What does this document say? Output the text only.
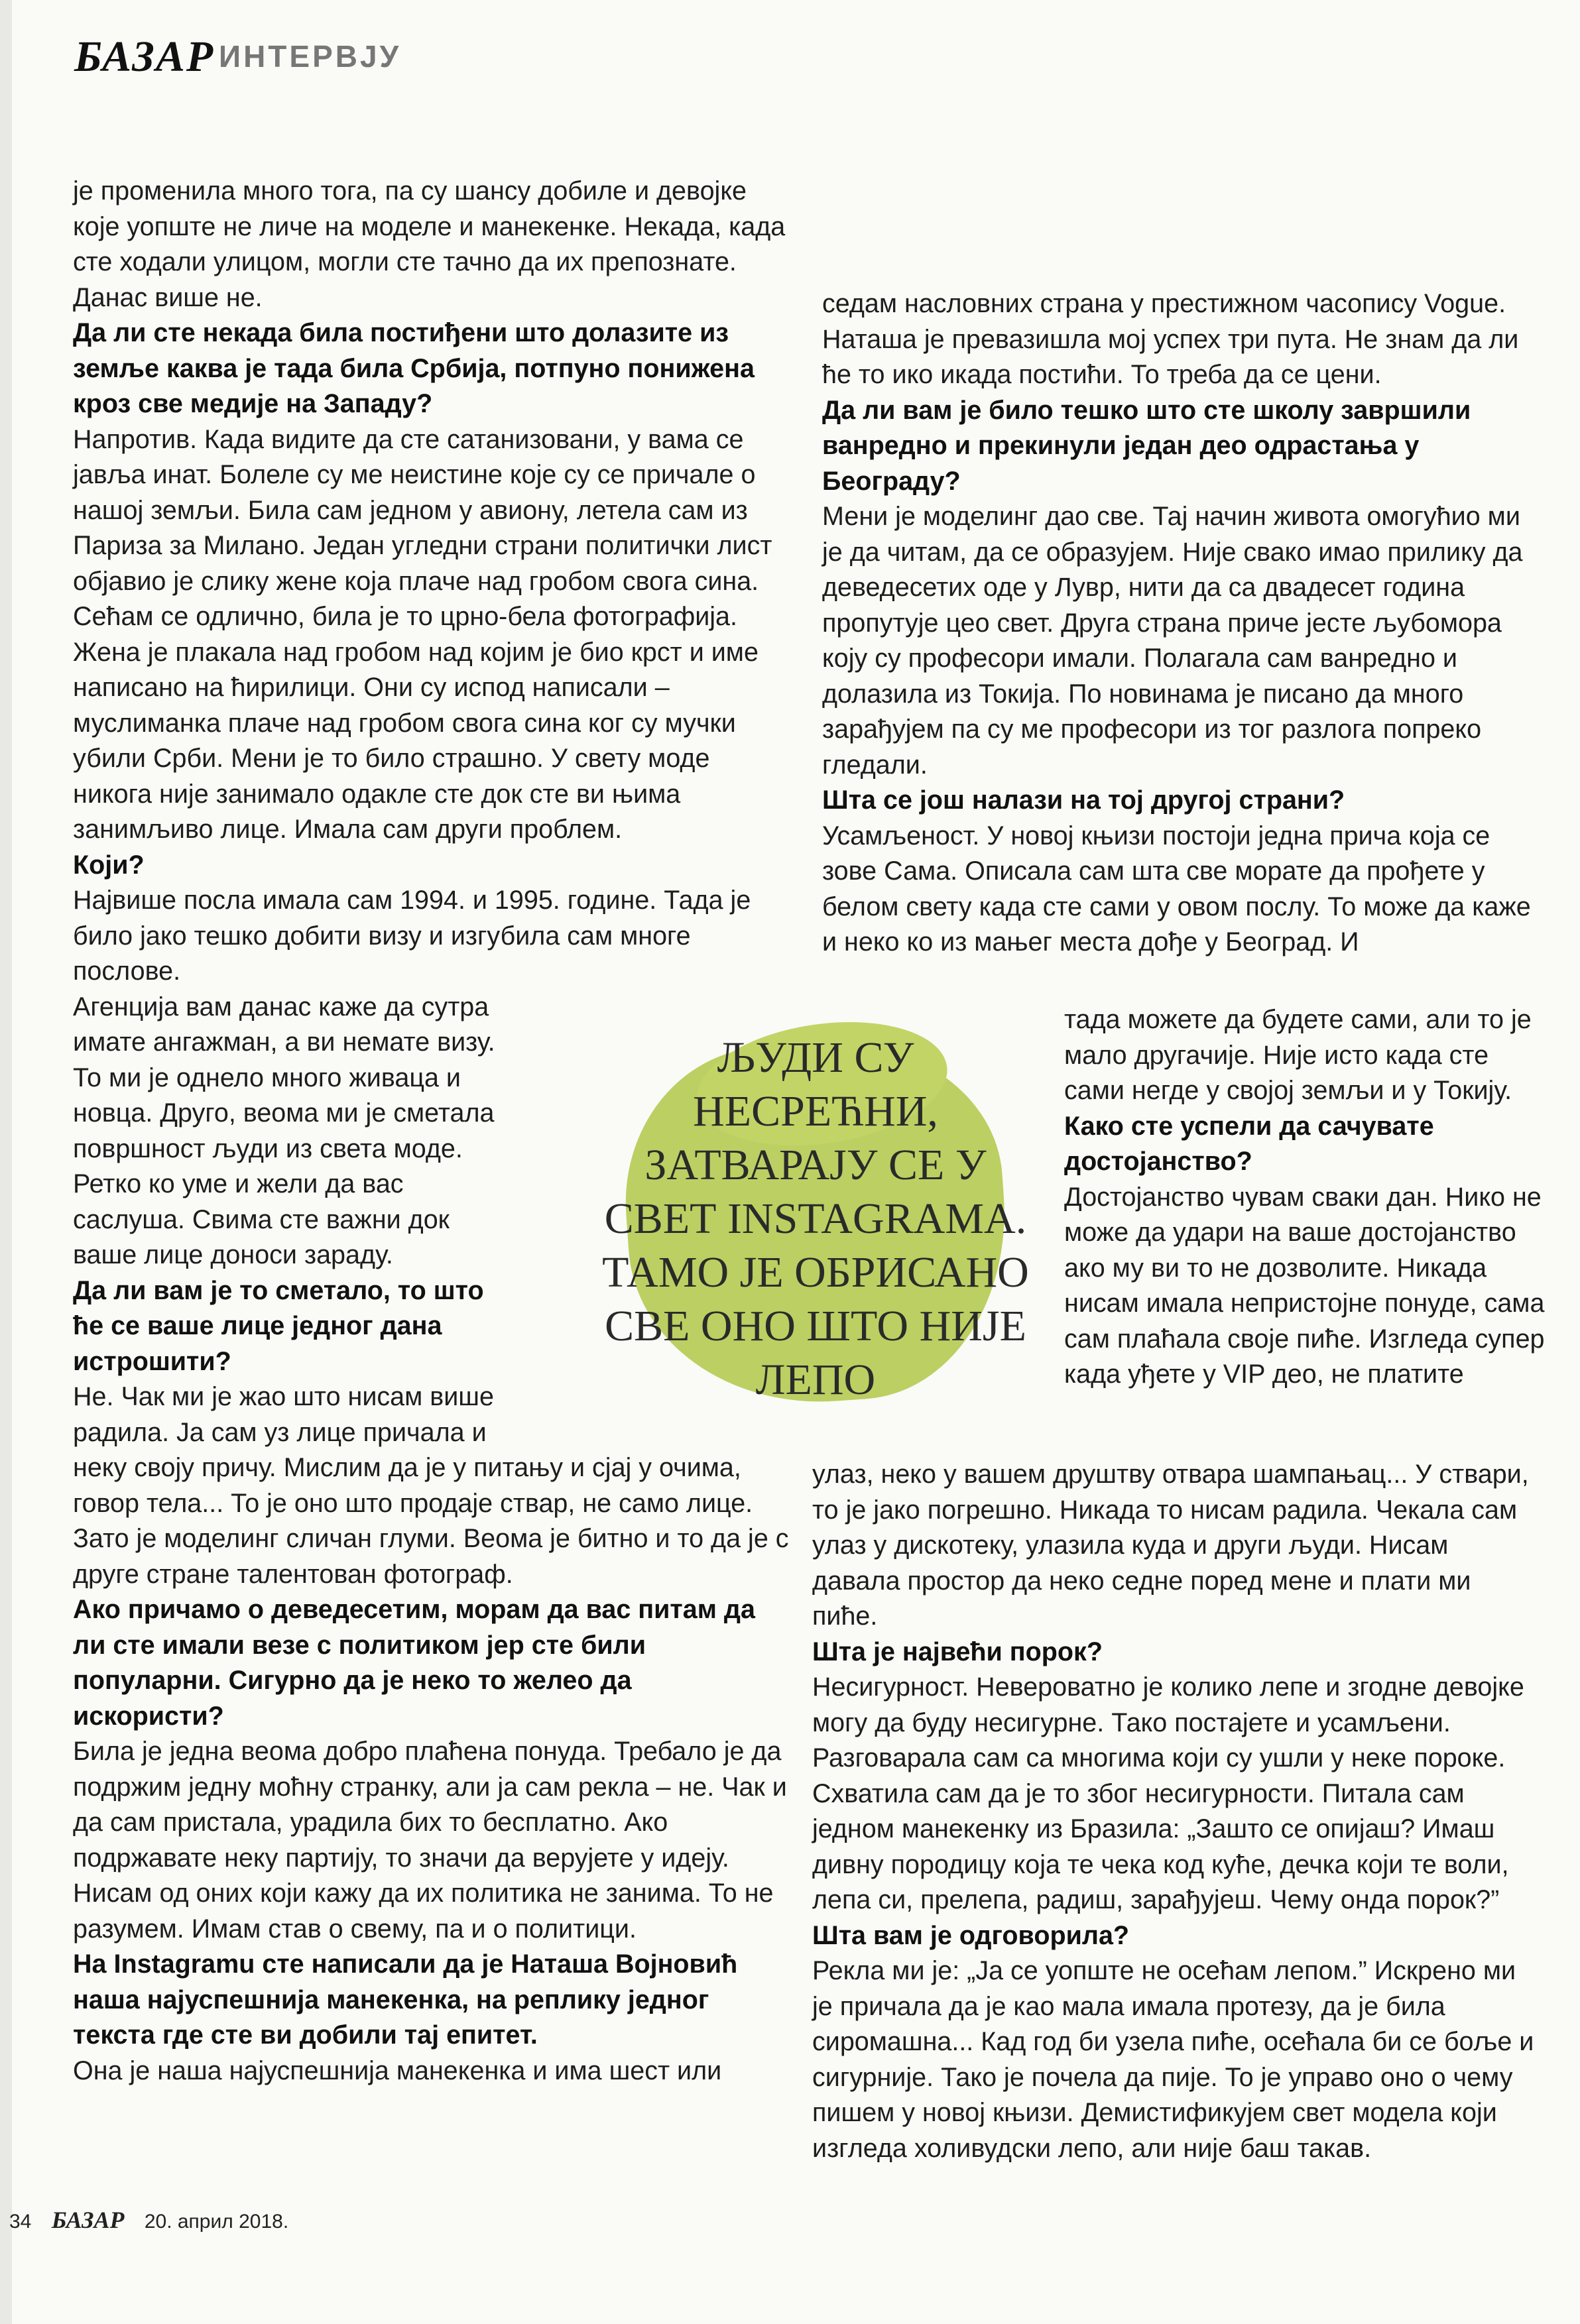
БАЗАР ИНТЕРВЈУ

је променила много тога, па су шансу добиле и девојке које уопште не личе на моделе и манекенке. Некада, када сте ходали улицом, могли сте тачно да их препознате. Данас више не.

Да ли сте некада била постиђени што долазите из земље каква је тада била Србија, потпуно понижена кроз све медије на Западу?

Напротив. Када видите да сте сатанизовани, у вама се јавља инат. Болеле су ме неистине које су се причале о нашој земљи. Била сам једном у авиону, летела сам из Париза за Милано. Један угледни страни политички лист објавио је слику жене која плаче над гробом свога сина. Сећам се одлично, била је то црно-бела фотографија. Жена је плакала над гробом над којим је био крст и име написано на ћирилици. Они су испод написали – муслиманка плаче над гробом свога сина ког су мучки убили Срби. Мени је то било страшно. У свету моде никога није занимало одакле сте док сте ви њима занимљиво лице. Имала сам други проблем.

Који?

Највише посла имала сам 1994. и 1995. године. Тада је било јако тешко добити визу и изгубила сам многе послове.

Агенција вам данас каже да сутра имате ангажман, а ви немате визу. То ми је однело много живаца и новца. Друго, веома ми је сметала површност људи из света моде. Ретко ко уме и жели да вас саслуша. Свима сте важни док ваше лице доноси зараду.

Да ли вам је то сметало, то што ће се ваше лице једног дана истрошити?

Не. Чак ми је жао што нисам више радила. Ја сам уз лице причала и

неку своју причу. Мислим да је у питању и сјај у очима, говор тела... То је оно што продаје ствар, не само лице. Зато је моделинг сличан глуми. Веома је битно и то да је с друге стране талентован фотограф.

Ако причамо о деведесетим, морам да вас питам да ли сте имали везе с политиком јер сте били популарни. Сигурно да је неко то желео да искористи?

Била је једна веома добро плаћена понуда. Требало је да подржим једну моћну странку, али ја сам рекла – не. Чак и да сам пристала, урадила бих то бесплатно. Ако подржавате неку партију, то значи да верујете у идеју. Нисам од оних који кажу да их политика не занима. То не разумем. Имам став о свему, па и о политици.

На Instagramu сте написали да је Наташа Војновић наша најуспешнија манекенка, на реплику једног текста где сте ви добили тај епитет.

Она је наша најуспешнија манекенка и има шест или

седам насловних страна у престижном часопису Vogue. Наташа је превазишла мој успех три пута. Не знам да ли ће то ико икада постићи. То треба да се цени.

Да ли вам је било тешко што сте школу завршили ванредно и прекинули један део одрастања у Београду?

Мени је моделинг дао све. Тај начин живота омогућио ми је да читам, да се образујем. Није свако имао прилику да деведесетих оде у Лувр, нити да са двадесет година пропутује цео свет. Друга страна приче јесте љубомора коју су професори имали. Полагала сам ванредно и долазила из Токија. По новинама је писано да много зарађујем па су ме професори из тог разлога попреко гледали.

Шта се још налази на тој другој страни?

Усамљеност. У новој књизи постоји једна прича која се зове Сама. Описала сам шта све морате да прођете у белом свету када сте сами у овом послу. То може да каже и неко ко из мањег места дође у Београд. И

тада можете да будете сами, али то је мало другачије. Није исто када сте сами негде у својој земљи и у Токију.

Како сте успели да сачувате достојанство?

Достојанство чувам сваки дан. Нико не може да удари на ваше достојанство ако му ви то не дозволите. Никада нисам имала непристојне понуде, сама сам плаћала своје пиће. Изгледа супер када уђете у VIP део, не платите

улаз, неко у вашем друштву отвара шампањац... У ствари, то је јако погрешно. Никада то нисам радила. Чекала сам улаз у дискотеку, улазила куда и други људи. Нисам давала простор да неко седне поред мене и плати ми пиће.

Шта је највећи порок?

Несигурност. Невероватно је колико лепе и згодне девојке могу да буду несигурне. Тако постајете и усамљени. Разговарала сам са многима који су ушли у неке пороке. Схватила сам да је то због несигурности. Питала сам једном манекенку из Бразила: „Зашто се опијаш? Имаш дивну породицу која те чека код куће, дечка који те воли, лепа си, прелепа, радиш, зарађујеш. Чему онда порок?”

Шта вам је одговорила?

Рекла ми је: „Ја се уопште не осећам лепом.” Искрено ми је причала да је као мала имала протезу, да је била сиромашна... Кад год би узела пиће, осећала би се боље и сигурније. Тако је почела да пије. То је управо оно о чему пишем у новој књизи. Демистификујем свет модела који изгледа холивудски лепо, али није баш такав.

ЉУДИ СУ
НЕСРЕЋНИ,
ЗАТВАРАЈУ СЕ У
СВЕТ INSTAGRAMA.
ТАМО ЈЕ ОБРИСАНО
СВЕ ОНО ШТО НИЈЕ
ЛЕПО
34 БАЗАР 20. април 2018.
